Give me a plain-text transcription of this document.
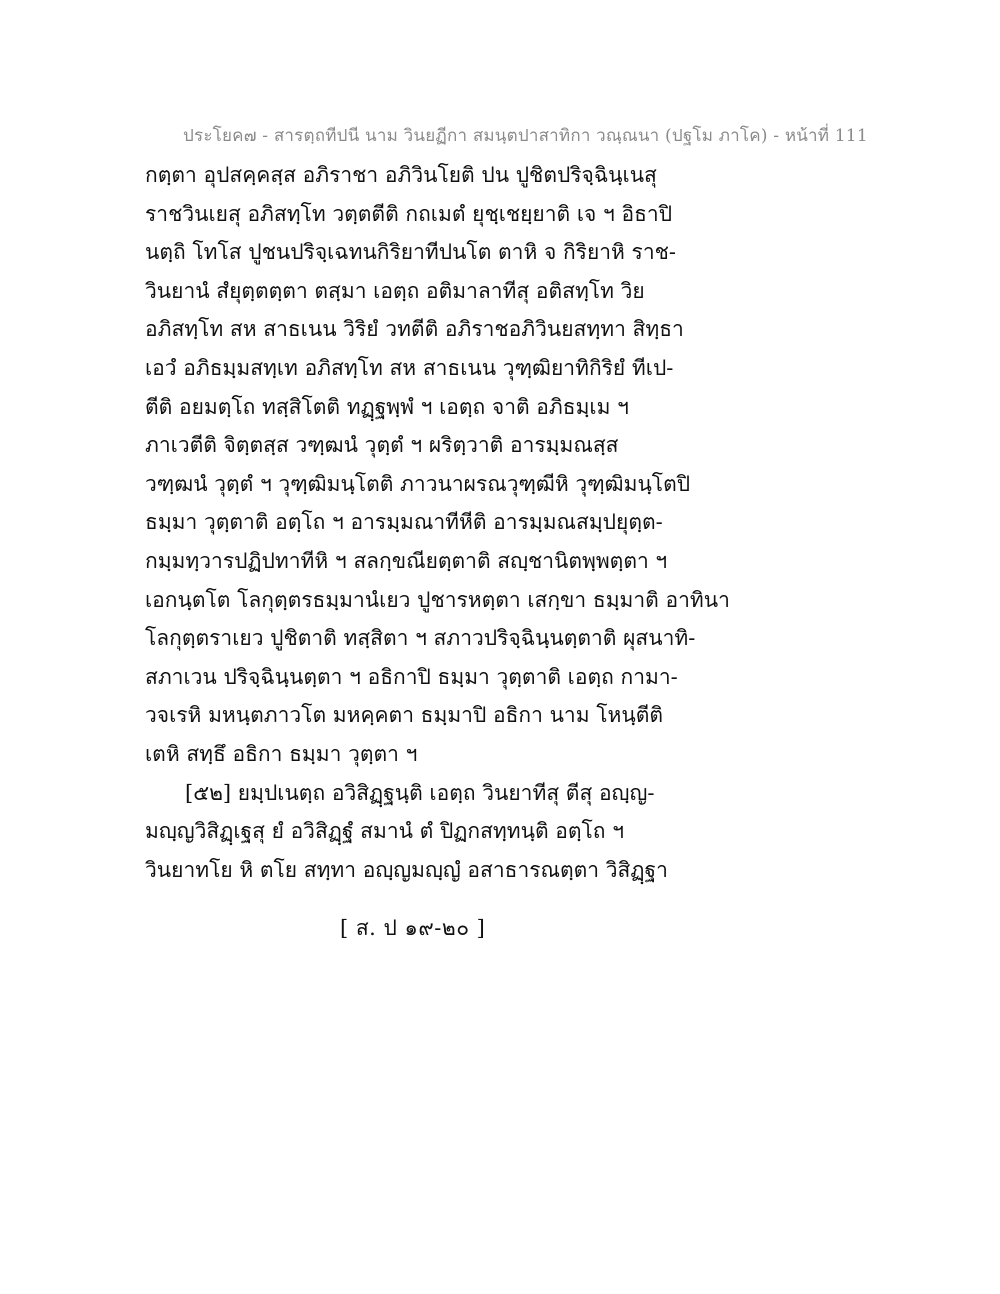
ประโยค๗ - สารตฺถทีปนี นาม วินยฏีกา สมนฺตปาสาทิกา วณฺณนา (ปฐโม ภาโค) - หน้าที่ 111
กตฺตา อุปสคฺคสฺส อภิราชา อภิวินโยติ ปน ปูชิตปริจฺฉินฺเนสุ
ราชวินเยสุ อภิสทฺโท วตฺตตีติ กถเมตํ ยุชฺเชยฺยาติ เจ ฯ อิธาปิ
นตฺถิ โทโส ปูชนปริจฺเฉทนกิริยาทีปนโต ตาหิ จ กิริยาหิ ราช-
วินยานํ สํยุตฺตตฺตา ตสฺมา เอตฺถ อติมาลาทีสุ อติสทฺโท วิย
อภิสทฺโท สห สาธเนน วิริยํ วทตีติ อภิราชอภิวินยสทฺทา สิทฺธา
เอวํ อภิธมฺมสทฺเท อภิสทฺโท สห สาธเนน วุฑฺฒิยาทิกิริยํ ทีเป-
ตีติ อยมตฺโถ ทสฺสิโตติ ทฏฺฐพฺพํ ฯ เอตฺถ จาติ อภิธมฺเม ฯ
ภาเวตีติ จิตฺตสฺส วฑฺฒนํ วุตฺตํ ฯ ผริตฺวาติ อารมฺมณสฺส
วฑฺฒนํ วุตฺตํ ฯ วุฑฺฒิมนฺโตติ ภาวนาผรณวุฑฺฒีหิ วุฑฺฒิมนฺโตปิ
ธมฺมา วุตฺตาติ อตฺโถ ฯ อารมฺมณาทีหีติ อารมฺมณสมฺปยุตฺต-
กมฺมทฺวารปฏิปทาทีหิ ฯ สลกฺขณียตฺตาติ สญฺชานิตพฺพตฺตา ฯ
เอกนฺตโต โลกุตฺตรธมฺมานํเยว ปูชารหตฺตา เสกฺขา ธมฺมาติ อาทินา
โลกุตฺตราเยว ปูชิตาติ ทสฺสิตา ฯ สภาวปริจฺฉินฺนตฺตาติ ผุสนาทิ-
สภาเวน ปริจฺฉินฺนตฺตา ฯ อธิกาปิ ธมฺมา วุตฺตาติ เอตฺถ กามา-
วจเรหิ มหนฺตภาวโต มหคฺคตา ธมฺมาปิ อธิกา นาม โหนฺตีติ
เตหิ สทฺธึ อธิกา ธมฺมา วุตฺตา ฯ
[๕๒] ยมฺปเนตฺถ อวิสิฏฺฐนฺติ เอตฺถ วินยาทีสุ ตีสุ อญฺญ-
มญฺญวิสิฏฺเฐสุ ยํ อวิสิฏฺฐํ สมานํ ตํ ปิฏกสทฺทนฺติ อตฺโถ ฯ
วินยาทโย หิ ตโย สทฺทา อญฺญมญฺญํ อสาธารณตฺตา วิสิฏฺฐา
[ ส. ป ๑๙-๒๐ ]
